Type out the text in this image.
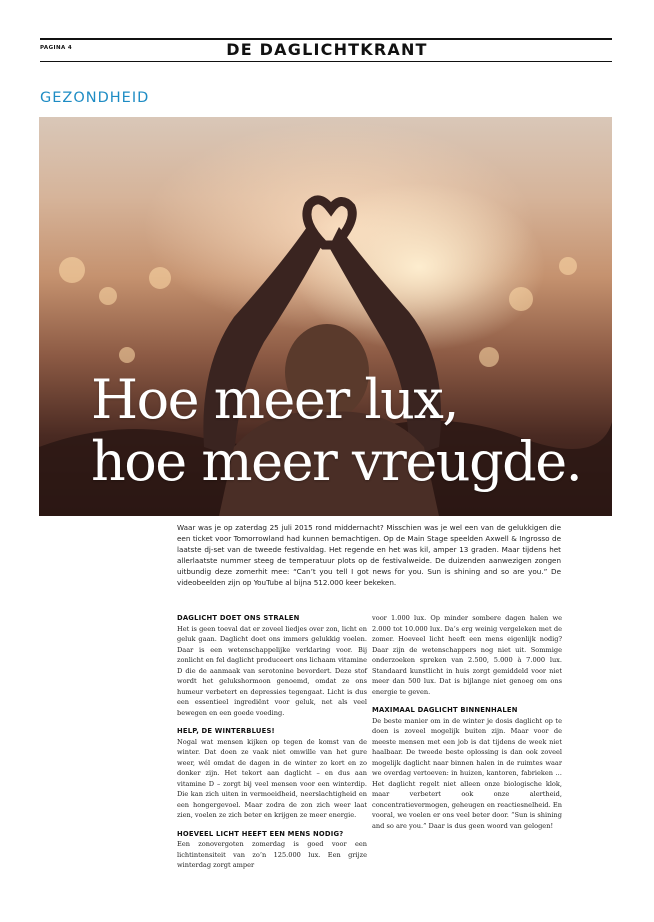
PAGINA 4	DE DAGLICHTKRANT
GEZONDHEID
Hoe meer lux,
hoe meer vreugde.
Waar was je op zaterdag 25 juli 2015 rond middernacht? Misschien was je wel een van de gelukkigen die een ticket voor Tomorrowland had kunnen bemachtigen. Op de Main Stage speelden Axwell & Ingrosso de laatste dj-set van de tweede festivaldag. Het regende en het was kil, amper 13 graden. Maar tijdens het allerlaatste nummer steeg de temperatuur plots op de festivalweide. De duizenden aanwezigen zongen uitbundig deze zomerhit mee: “Can’t you tell I got news for you. Sun is shining and so are you.” De videobeelden zijn op YouTube al bijna 512.000 keer bekeken.
DAGLICHT DOET ONS STRALEN

Het is geen toeval dat er zoveel liedjes over zon, licht en geluk gaan. Daglicht doet ons immers gelukkig voelen. Daar is een wetenschappelijke verklaring voor. Bij zonlicht en fel daglicht produceert ons lichaam vitamine D die de aanmaak van serotonine bevordert. Deze stof wordt het gelukshormoon genoemd, omdat ze ons humeur verbetert en depressies tegengaat. Licht is dus een essentieel ingrediënt voor geluk, net als veel bewegen en een goede voeding.

HELP, DE WINTERBLUES!

Nogal wat mensen kijken op tegen de komst van de winter. Dat doen ze vaak niet omwille van het gure weer, wél omdat de dagen in de winter zo kort en zo donker zijn. Het tekort aan daglicht – en dus aan vitamine D – zorgt bij veel mensen voor een winterdip. Die kan zich uiten in vermoeidheid, neerslachtigheid en een hongergevoel. Maar zodra de zon zich weer laat zien, voelen ze zich beter en krijgen ze meer energie.

HOEVEEL LICHT HEEFT EEN MENS NODIG?

Een zonovergoten zomerdag is goed voor een lichtintensiteit van zo’n 125.000 lux. Een grijze winterdag zorgt amper

voor 1.000 lux. Op minder sombere dagen halen we 2.000 tot 10.000 lux. Da’s erg weinig vergeleken met de zomer. Hoeveel licht heeft een mens eigenlijk nodig? Daar zijn de wetenschappers nog niet uit. Sommige onderzoeken spreken van 2.500, 5.000 à 7.000 lux. Standaard kunstlicht in huis zorgt gemiddeld voor niet meer dan 500 lux. Dat is bijlange niet genoeg om ons energie te geven.

MAXIMAAL DAGLICHT BINNENHALEN

De beste manier om in de winter je dosis daglicht op te doen is zoveel mogelijk buiten zijn. Maar voor de meeste mensen met een job is dat tijdens de week niet haalbaar. De tweede beste oplossing is dan ook zoveel mogelijk daglicht naar binnen halen in de ruimtes waar we overdag vertoeven: in huizen, kantoren, fabrieken … Het daglicht regelt niet alleen onze biologische klok, maar verbetert ook onze alertheid, concentratievermogen, geheugen en reactiesnelheid. En vooral, we voelen er ons veel beter door. “Sun is shining and so are you.” Daar is dus geen woord van gelogen!
